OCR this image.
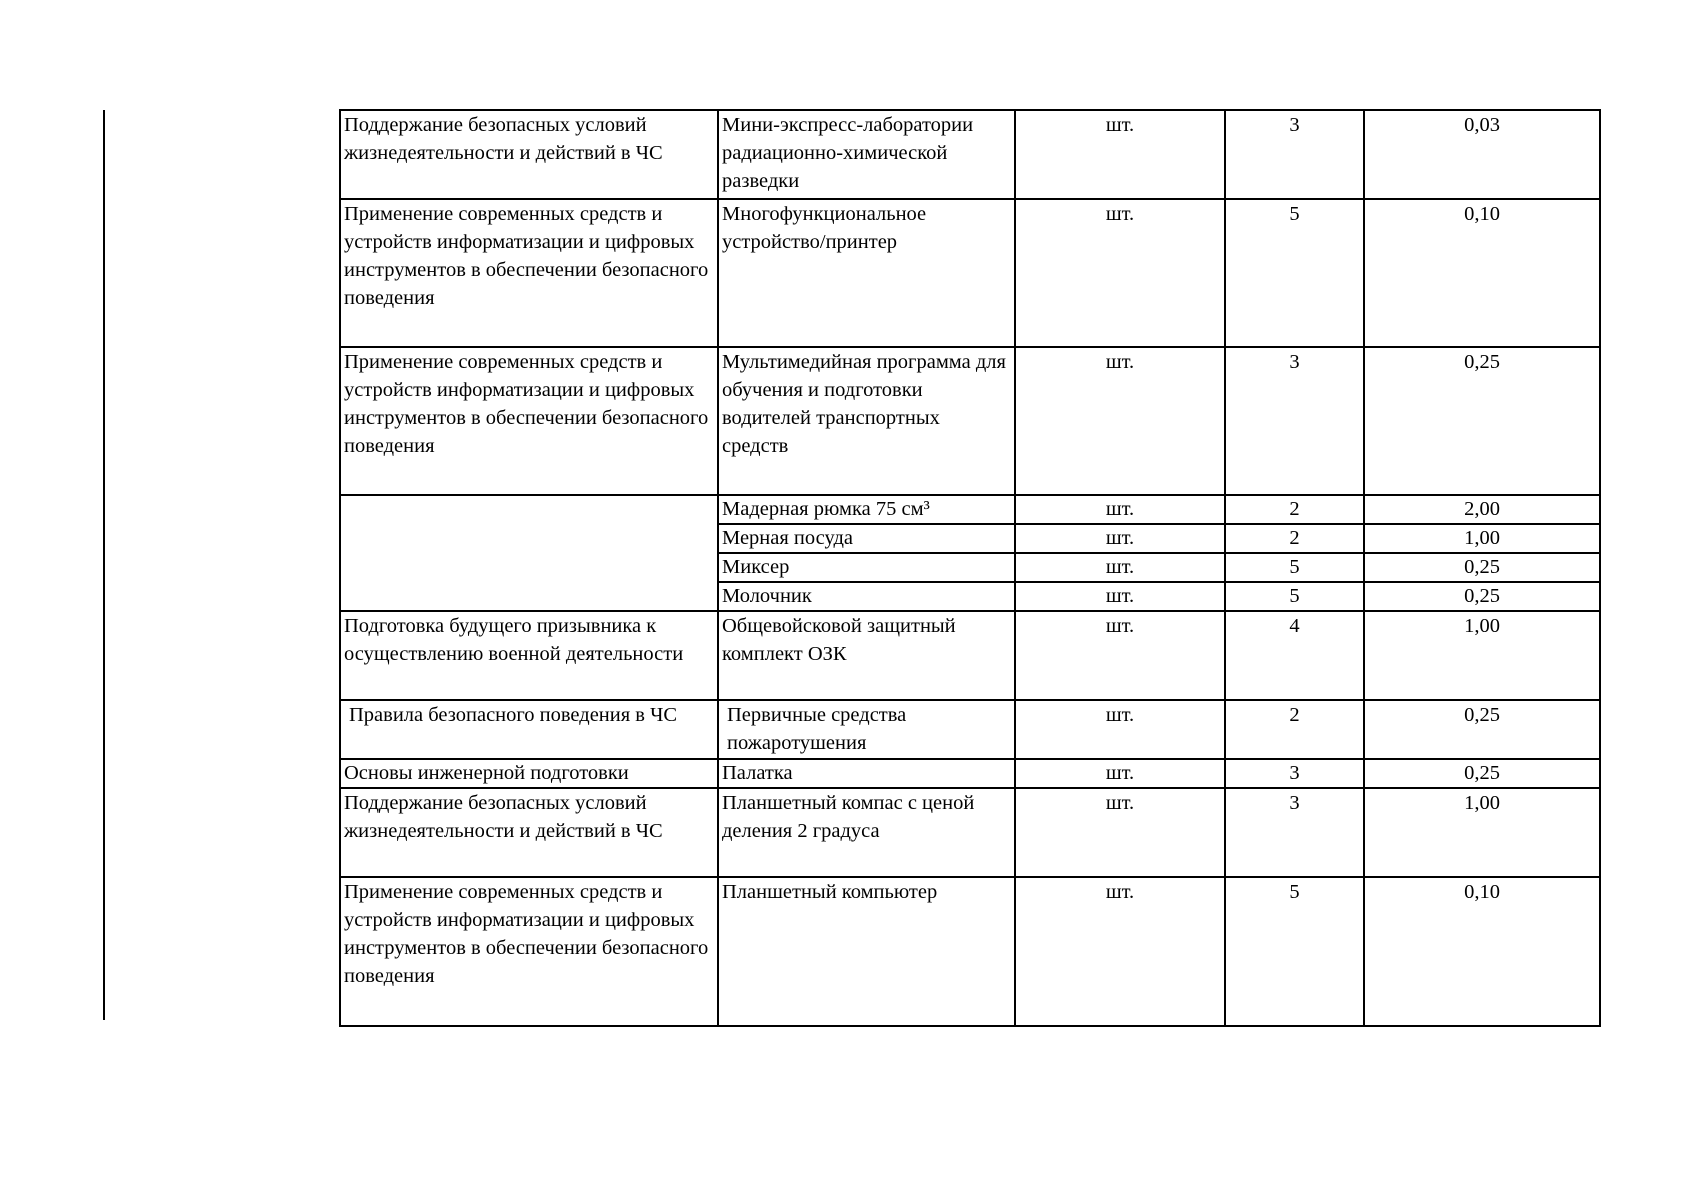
Поддержание безопасных условий жизнедеятельности и действий в ЧС	Мини-экспресс-лаборатории радиационно-химической разведки	шт.	3	0,03
Применение современных средств и устройств информатизации и цифровых инструментов в обеспечении безопасного поведения	Многофункциональное устройство/принтер	шт.	5	0,10
Применение современных средств и устройств информатизации и цифровых инструментов в обеспечении безопасного поведения	Мультимедийная программа для обучения и подготовки водителей транспортных средств	шт.	3	0,25
	Мадерная рюмка 75 см³	шт.	2	2,00
	Мерная посуда	шт.	2	1,00
	Миксер	шт.	5	0,25
	Молочник	шт.	5	0,25
Подготовка будущего призывника к осуществлению военной деятельности	Общевойсковой защитный комплект ОЗК	шт.	4	1,00
Правила безопасного поведения в ЧС	Первичные средства пожаротушения	шт.	2	0,25
Основы инженерной подготовки	Палатка	шт.	3	0,25
Поддержание безопасных условий жизнедеятельности и действий в ЧС	Планшетный компас с ценой деления 2 градуса	шт.	3	1,00
Применение современных средств и устройств информатизации и цифровых инструментов в обеспечении безопасного поведения	Планшетный компьютер	шт.	5	0,10
